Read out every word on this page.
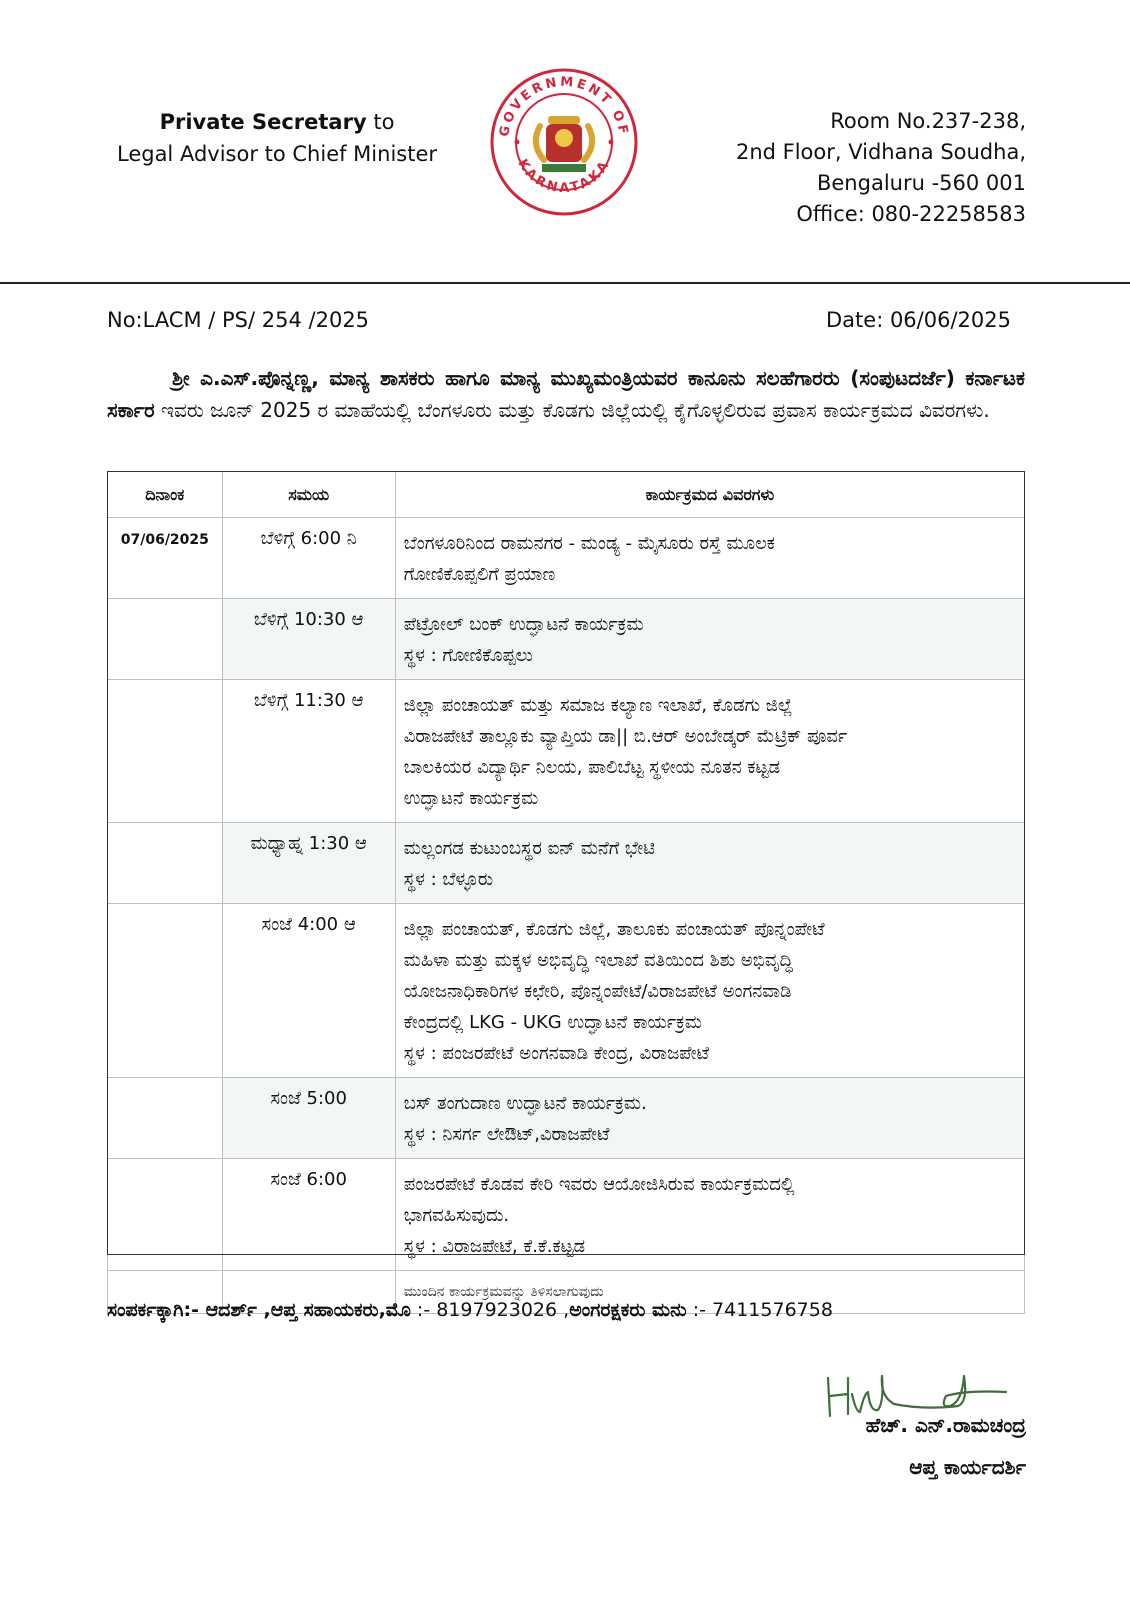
Private Secretary to
Legal Advisor to Chief Minister
GOVERNMENT OF
KARNATAKA
Room No.237-238,
2nd Floor, Vidhana Soudha,
Bengaluru -560 001
Office: 080-22258583
No:LACM / PS/ 254 /2025	Date: 06/06/2025
ಶ್ರೀ ಎ.ಎಸ್.ಪೊನ್ನಣ್ಣ, ಮಾನ್ಯ ಶಾಸಕರು ಹಾಗೂ ಮಾನ್ಯ ಮುಖ್ಯಮಂತ್ರಿಯವರ ಕಾನೂನು ಸಲಹೆಗಾರರು (ಸಂಪುಟದರ್ಜೆ) ಕರ್ನಾಟಕ ಸರ್ಕಾರ ಇವರು ಜೂನ್ 2025 ರ ಮಾಹೆಯಲ್ಲಿ ಬೆಂಗಳೂರು ಮತ್ತು ಕೊಡಗು ಜಿಲ್ಲೆಯಲ್ಲಿ ಕೈಗೊಳ್ಳಲಿರುವ ಪ್ರವಾಸ ಕಾರ್ಯಕ್ರಮದ ವಿವರಗಳು.
ದಿನಾಂಕ	ಸಮಯ	ಕಾರ್ಯಕ್ರಮದ ವಿವರಗಳು
07/06/2025	ಬೆಳಿಗ್ಗೆ 6:00 ನಿ	ಬೆಂಗಳೂರಿನಿಂದ ರಾಮನಗರ - ಮಂಡ್ಯ - ಮೈಸೂರು ರಸ್ತೆ ಮೂಲಕ
ಗೋಣಿಕೊಪ್ಪಲಿಗೆ ಪ್ರಯಾಣ

	ಬೆಳಿಗ್ಗೆ 10:30 ಆ	ಪೆಟ್ರೋಲ್ ಬಂಕ್ ಉದ್ಘಾಟನೆ ಕಾರ್ಯಕ್ರಮ
ಸ್ಥಳ : ಗೋಣಿಕೊಪ್ಪಲು

	ಬೆಳಿಗ್ಗೆ 11:30 ಆ	ಜಿಲ್ಲಾ ಪಂಚಾಯತ್ ಮತ್ತು ಸಮಾಜ ಕಲ್ಯಾಣ ಇಲಾಖೆ, ಕೊಡಗು ಜಿಲ್ಲೆ
ವಿರಾಜಪೇಟೆ ತಾಲ್ಲೂಕು ವ್ಯಾಪ್ತಿಯ ಡಾ|| ಬಿ.ಆರ್ ಅಂಬೇಡ್ಕರ್ ಮೆಟ್ರಿಕ್ ಪೂರ್ವ
ಬಾಲಕಿಯರ ವಿದ್ಯಾರ್ಥಿ ನಿಲಯ, ಪಾಲಿಬೆಟ್ಟ ಸ್ಥಳೀಯ ನೂತನ ಕಟ್ಟಡ
ಉದ್ಘಾಟನೆ ಕಾರ್ಯಕ್ರಮ

	ಮಧ್ಯಾಹ್ನ 1:30 ಆ	ಮಲ್ಲಂಗಡ ಕುಟುಂಬಸ್ಥರ ಐನ್ ಮನೆಗೆ ಭೇಟಿ
ಸ್ಥಳ : ಬೆಳ್ಳೂರು

	ಸಂಜೆ 4:00 ಆ	ಜಿಲ್ಲಾ ಪಂಚಾಯತ್, ಕೊಡಗು ಜಿಲ್ಲೆ, ತಾಲೂಕು ಪಂಚಾಯತ್ ಪೊನ್ನಂಪೇಟೆ
ಮಹಿಳಾ ಮತ್ತು ಮಕ್ಕಳ ಅಭಿವೃದ್ಧಿ ಇಲಾಖೆ ವತಿಯಿಂದ ಶಿಶು ಅಭಿವೃದ್ಧಿ
ಯೋಜನಾಧಿಕಾರಿಗಳ ಕಛೇರಿ, ಪೊನ್ನಂಪೇಟೆ/ವಿರಾಜಪೇಟೆ ಅಂಗನವಾಡಿ
ಕೇಂದ್ರದಲ್ಲಿ LKG - UKG ಉದ್ಘಾಟನೆ ಕಾರ್ಯಕ್ರಮ
ಸ್ಥಳ : ಪಂಜರಪೇಟೆ ಅಂಗನವಾಡಿ ಕೇಂದ್ರ, ವಿರಾಜಪೇಟೆ

	ಸಂಜೆ 5:00	ಬಸ್ ತಂಗುದಾಣ ಉದ್ಘಾಟನೆ ಕಾರ್ಯಕ್ರಮ.
ಸ್ಥಳ : ನಿಸರ್ಗ ಲೇಔಟ್,ವಿರಾಜಪೇಟೆ

	ಸಂಜೆ 6:00	ಪಂಜರಪೇಟೆ ಕೊಡವ ಕೇರಿ ಇವರು ಆಯೋಜಿಸಿರುವ ಕಾರ್ಯಕ್ರಮದಲ್ಲಿ
ಭಾಗವಹಿಸುವುದು.
ಸ್ಥಳ : ವಿರಾಜಪೇಟೆ, ಕೆ.ಕೆ.ಕಟ್ಟಡ

		ಮುಂದಿನ ಕಾರ್ಯಕ್ರಮವನ್ನು ತಿಳಿಸಲಾಗುವುದು
ಸಂಪರ್ಕಕ್ಕಾಗಿ:- ಆದರ್ಶ್ ,ಆಪ್ತ ಸಹಾಯಕರು,ಮೊ :- 8197923026 ,ಅಂಗರಕ್ಷಕರು ಮನು :- 7411576758
ಹೆಚ್. ಎನ್.ರಾಮಚಂದ್ರ
ಆಪ್ತ ಕಾರ್ಯದರ್ಶಿ
